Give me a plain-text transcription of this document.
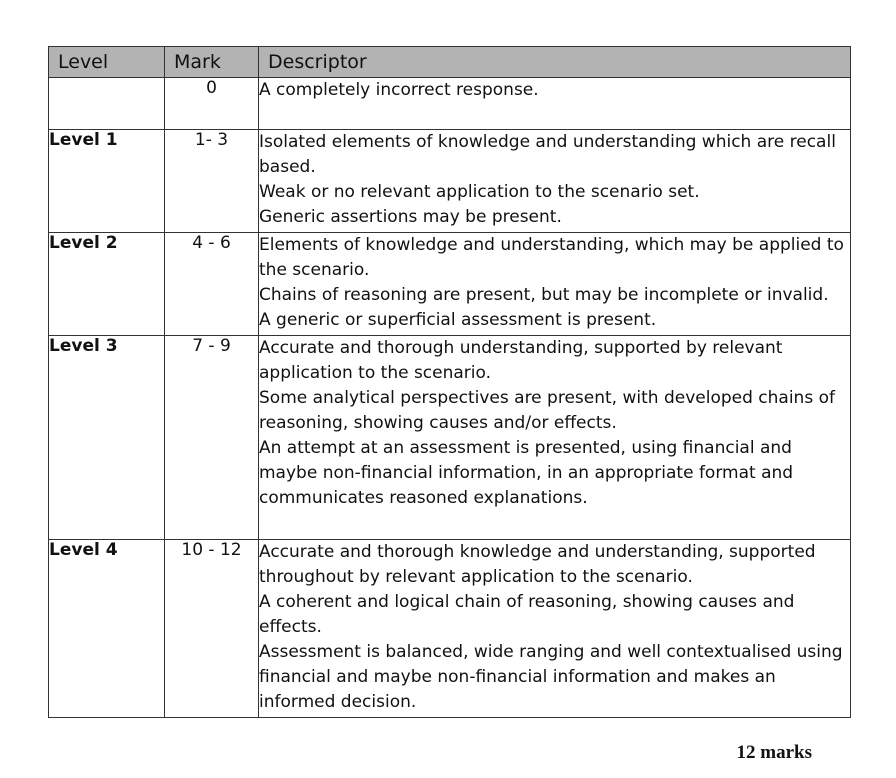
Level	Mark	Descriptor
	0	A completely incorrect response.

Level 1	1- 3	Isolated elements of knowledge and understanding which are recall based.

Weak or no relevant application to the scenario set.

Generic assertions may be present.

Level 2	4 - 6	Elements of knowledge and understanding, which may be applied to the scenario.

Chains of reasoning are present, but may be incomplete or invalid.

A generic or superficial assessment is present.

Level 3	7 - 9	Accurate and thorough understanding, supported by relevant application to the scenario.

Some analytical perspectives are present, with developed chains of reasoning, showing causes and/or effects.

An attempt at an assessment is presented, using financial and maybe non-financial information, in an appropriate format and communicates reasoned explanations.

Level 4	10 - 12	Accurate and thorough knowledge and understanding, supported throughout by relevant application to the scenario.

A coherent and logical chain of reasoning, showing causes and effects.

Assessment is balanced, wide ranging and well contextualised using financial and maybe non-financial information and makes an informed decision.

12 marks
